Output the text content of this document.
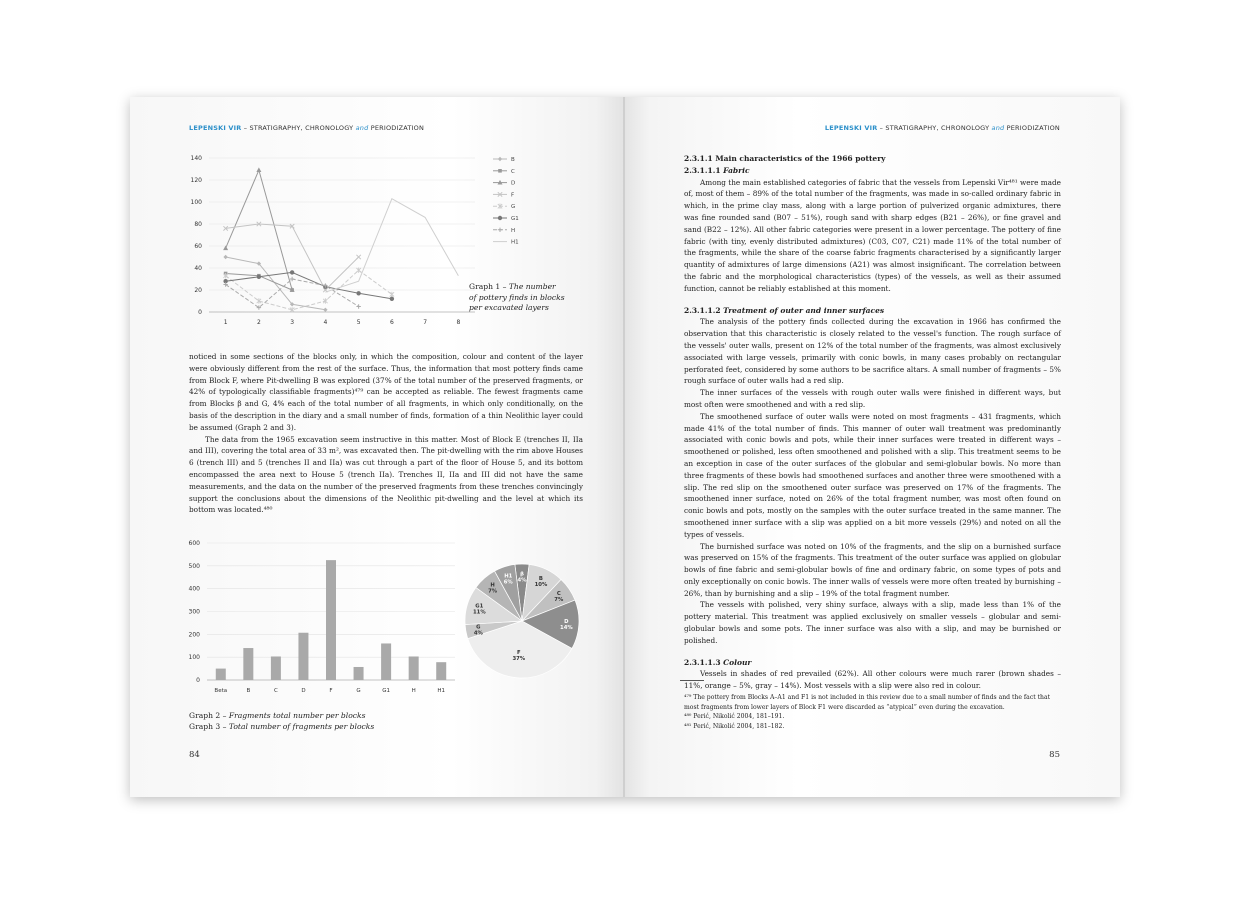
LEPENSKI VIR – STRATIGRAPHY, CHRONOLOGY and PERIODIZATION
0
20
40
60
80
100
120
140
1	2	3	4	5	6	7	8
B
C
D
F
G
G1
H
H1
Graph 1 – The number
of pottery finds in blocks
per excavated layers

noticed in some sections of the blocks only, in which the composition, colour and content of the layer were obviously different from the rest of the surface. Thus, the information that most pottery finds came from Block F, where Pit-dwelling B was explored (37% of the total number of the preserved fragments, or 42% of typologically classifiable fragments)⁴⁷⁹ can be accepted as reliable. The fewest fragments came from Blocks β and G, 4% each of the total number of all fragments, in which only conditionally, on the basis of the description in the diary and a small number of finds, formation of a thin Neolithic layer could be assumed (Graph 2 and 3).

The data from the 1965 excavation seem instructive in this matter. Most of Block E (trenches II, IIa and III), covering the total area of 33 m², was excavated then. The pit-dwelling with the rim above Houses 6 (trench III) and 5 (trenches II and IIa) was cut through a part of the floor of House 5, and its bottom encompassed the area next to House 5 (trench IIa). Trenches II, IIa and III did not have the same measurements, and the data on the number of the preserved fragments from these trenches convincingly support the conclusions about the dimensions of the Neolithic pit-dwelling and the level at which its bottom was located.⁴⁸⁰

0
100
200
300
400
500
600
Beta	B	C	D	F	G	G1	H	H1
β
4% B
10%
C
7%
D
14%
F
37%
G
4%
G1
11%
H
7%
H1
6%
Graph 2 – Fragments total number per blocks
Graph 3 – Total number of fragments per blocks
84
LEPENSKI VIR – STRATIGRAPHY, CHRONOLOGY and PERIODIZATION

2.3.1.1 Main characteristics of the 1966 pottery

2.3.1.1.1 Fabric

Among the main established categories of fabric that the vessels from Lepenski Vir⁴⁸¹ were made of, most of them – 89% of the total number of the fragments, was made in so-called ordinary fabric in which, in the prime clay mass, along with a large portion of pulverized organic admixtures, there was fine rounded sand (B07 – 51%), rough sand with sharp edges (B21 – 26%), or fine gravel and sand (B22 – 12%). All other fabric categories were present in a lower percentage. The pottery of fine fabric (with tiny, evenly distributed admixtures) (C03, C07, C21) made 11% of the total number of the fragments, while the share of the coarse fabric fragments characterised by a significantly larger quantity of admixtures of large dimensions (A21) was almost insignificant. The correlation between the fabric and the morphological characteristics (types) of the vessels, as well as their assumed function, cannot be reliably established at this moment.

2.3.1.1.2 Treatment of outer and inner surfaces

The analysis of the pottery finds collected during the excavation in 1966 has confirmed the observation that this characteristic is closely related to the vessel's function. The rough surface of the vessels' outer walls, present on 12% of the total number of the fragments, was almost exclusively associated with large vessels, primarily with conic bowls, in many cases probably on rectangular perforated feet, considered by some authors to be sacrifice altars. A small number of fragments – 5% rough surface of outer walls had a red slip.

The inner surfaces of the vessels with rough outer walls were finished in different ways, but most often were smoothened and with a red slip.

The smoothened surface of outer walls were noted on most fragments – 431 fragments, which made 41% of the total number of finds. This manner of outer wall treatment was predominantly associated with conic bowls and pots, while their inner surfaces were treated in different ways – smoothened or polished, less often smoothened and polished with a slip. This treatment seems to be an exception in case of the outer surfaces of the globular and semi-globular bowls. No more than three fragments of these bowls had smoothened surfaces and another three were smoothened with a slip. The red slip on the smoothened outer surface was preserved on 17% of the fragments. The smoothened inner surface, noted on 26% of the total fragment number, was most often found on conic bowls and pots, mostly on the samples with the outer surface treated in the same manner. The smoothened inner surface with a slip was applied on a bit more vessels (29%) and noted on all the types of vessels.

The burnished surface was noted on 10% of the fragments, and the slip on a burnished surface was preserved on 15% of the fragments. This treatment of the outer surface was applied on globular bowls of fine fabric and semi-globular bowls of fine and ordinary fabric, on some types of pots and only exceptionally on conic bowls. The inner walls of vessels were more often treated by burnishing – 26%, than by burnishing and a slip – 19% of the total fragment number.

The vessels with polished, very shiny surface, always with a slip, made less than 1% of the pottery material. This treatment was applied exclusively on smaller vessels – globular and semi-globular bowls and some pots. The inner surface was also with a slip, and may be burnished or polished.

2.3.1.1.3 Colour

Vessels in shades of red prevailed (62%). All other colours were much rarer (brown shades – 11%, orange – 5%, gray – 14%). Most vessels with a slip were also red in colour.

⁴⁷⁹ The pottery from Blocks A–A1 and F1 is not included in this review due to a small number of finds and the fact that most fragments from lower layers of Block F1 were discarded as “atypical” even during the excavation.

⁴⁸⁰ Perić, Nikolić 2004, 181–191.

⁴⁸¹ Perić, Nikolić 2004, 181–182.

85
